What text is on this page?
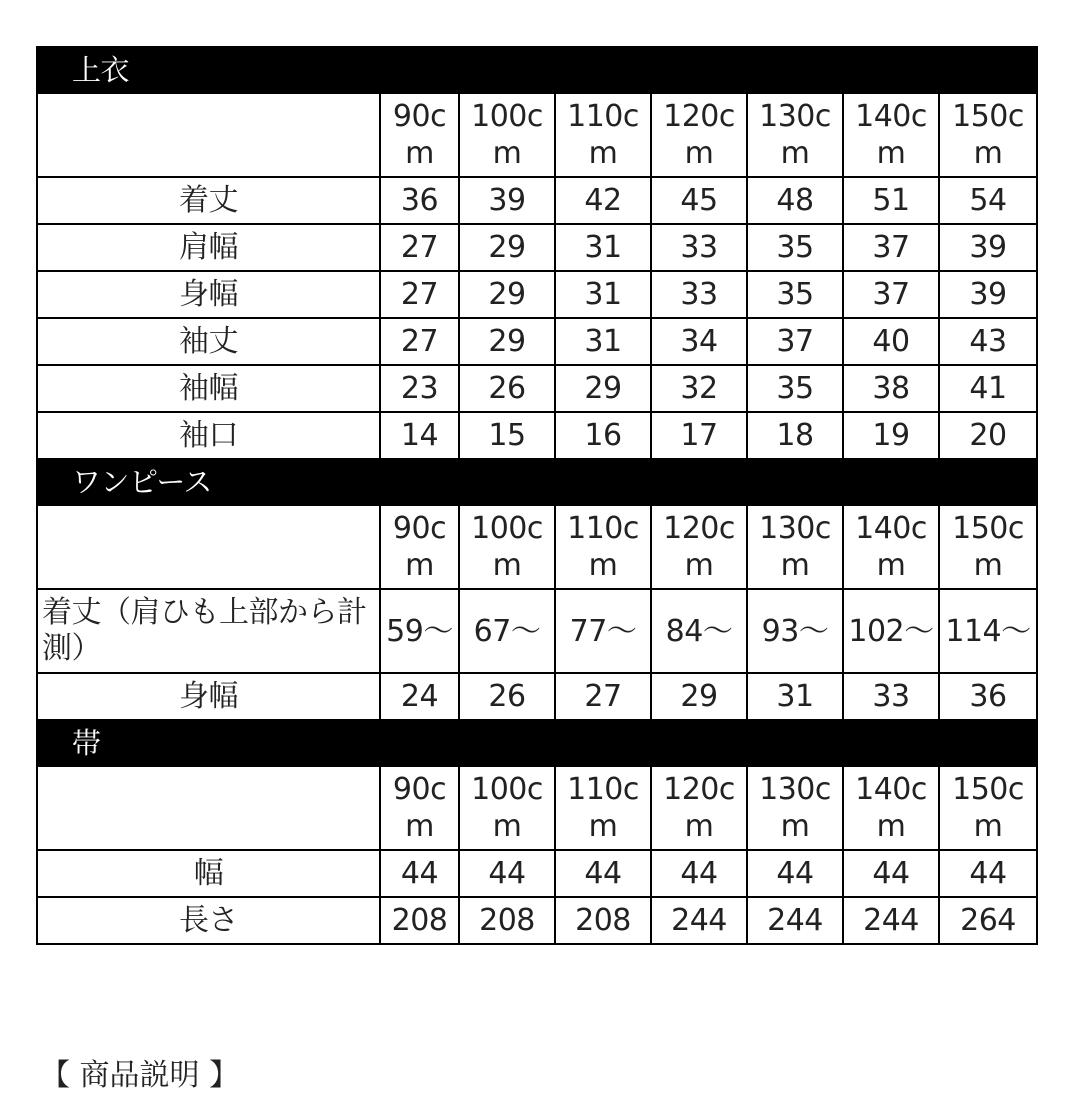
上衣							
	90cm	100cm	110cm	120cm	130cm	140cm	150cm
着丈	36	39	42	45	48	51	54
肩幅	27	29	31	33	35	37	39
身幅	27	29	31	33	35	37	39
袖丈	27	29	31	34	37	40	43
袖幅	23	26	29	32	35	38	41
袖口	14	15	16	17	18	19	20
ワンピース							
	90cm	100cm	110cm	120cm	130cm	140cm	150cm
着丈（肩ひも上部から計測）	59〜	67〜	77〜	84〜	93〜	102〜	114〜
身幅	24	26	27	29	31	33	36
帯							
	90cm	100cm	110cm	120cm	130cm	140cm	150cm
幅	44	44	44	44	44	44	44
長さ	208	208	208	244	244	244	264
【 商品説明 】
